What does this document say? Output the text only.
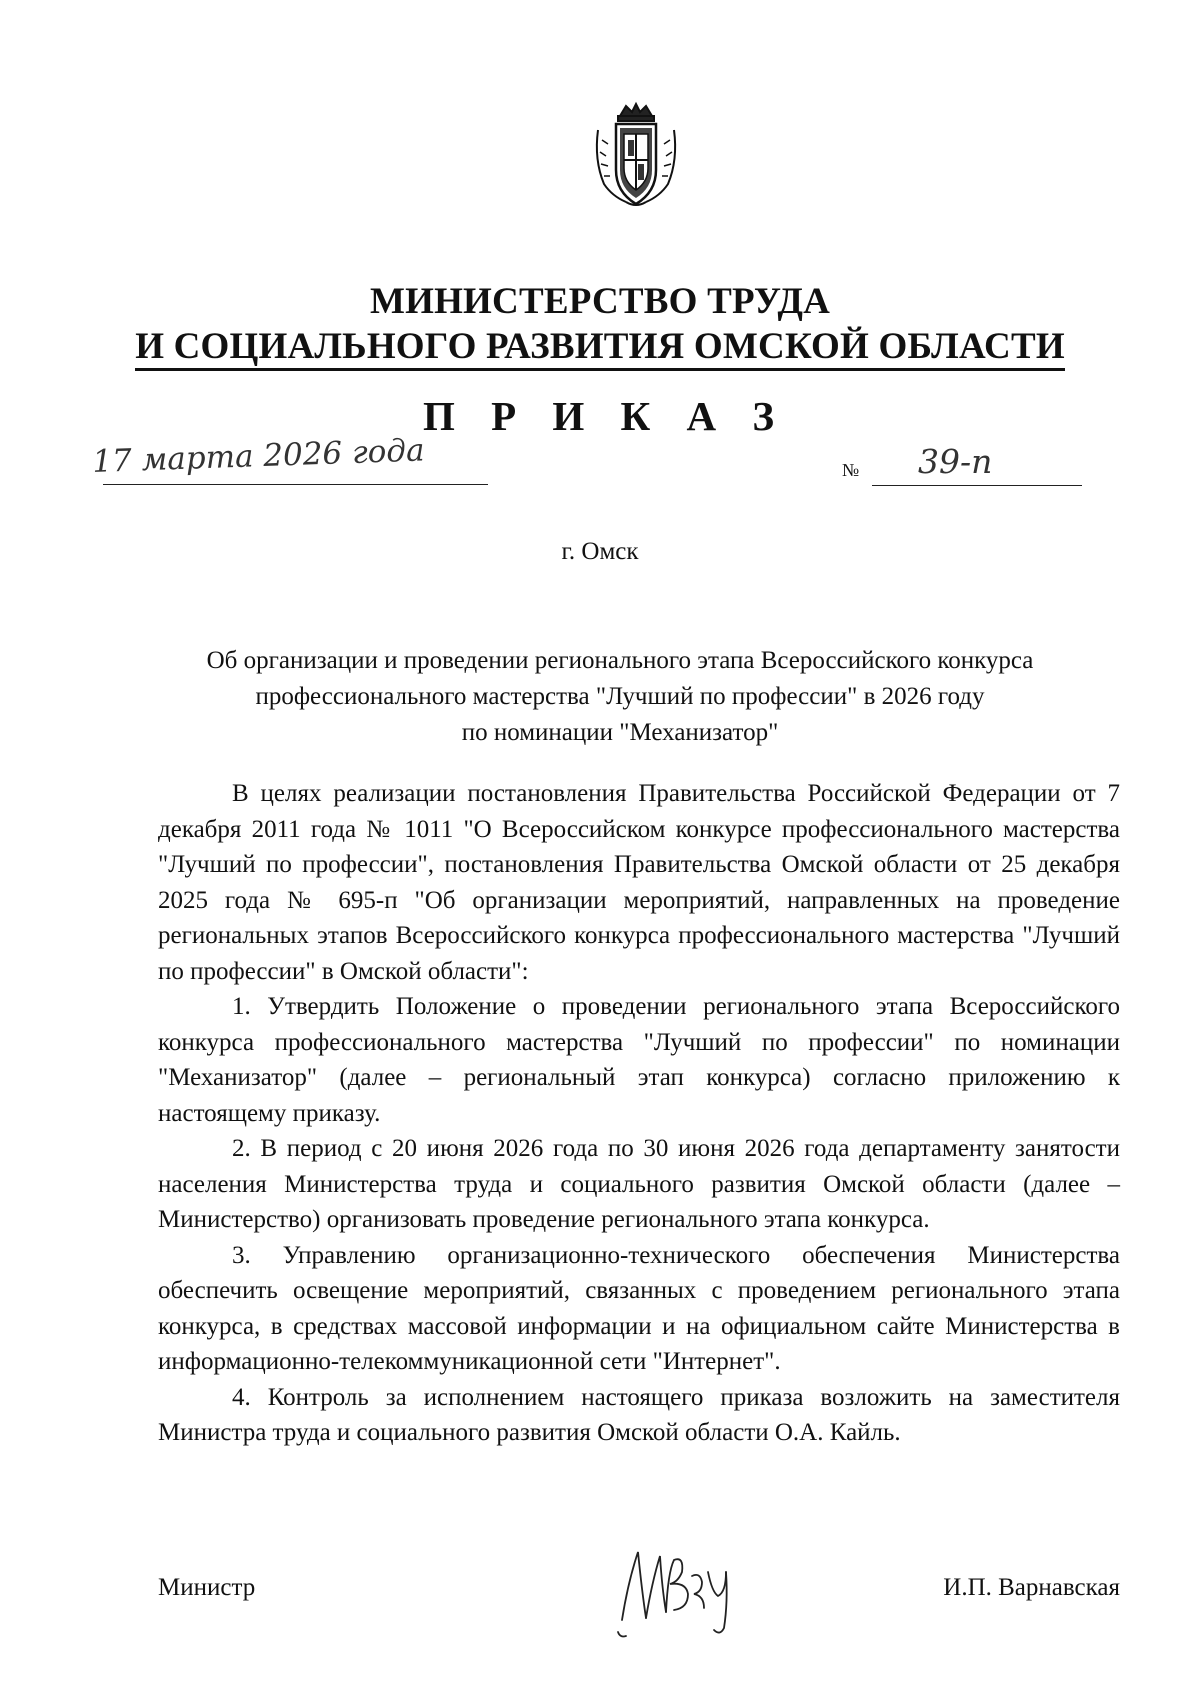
МИНИСТЕРСТВО ТРУДА
И СОЦИАЛЬНОГО РАЗВИТИЯ ОМСКОЙ ОБЛАСТИ
П Р И К А З
17 марта 2026 года	№ 39-п
г. Омск
Об организации и проведении регионального этапа Всероссийского конкурса
профессионального мастерства "Лучший по профессии" в 2026 году
по номинации "Механизатор"

В целях реализации постановления Правительства Российской Федерации от 7 декабря 2011 года № 1011 "О Всероссийском конкурсе профессионального мастерства "Лучший по профессии", постановления Правительства Омской области от 25 декабря 2025 года № 695-п "Об организации мероприятий, направленных на проведение региональных этапов Всероссийского конкурса профессионального мастерства "Лучший по профессии" в Омской области":

1. Утвердить Положение о проведении регионального этапа Всероссийского конкурса профессионального мастерства "Лучший по профессии" по номинации "Механизатор" (далее – региональный этап конкурса) согласно приложению к настоящему приказу.

2. В период с 20 июня 2026 года по 30 июня 2026 года департаменту занятости населения Министерства труда и социального развития Омской области (далее – Министерство) организовать проведение регионального этапа конкурса.

3. Управлению организационно-технического обеспечения Министерства обеспечить освещение мероприятий, связанных с проведением регионального этапа конкурса, в средствах массовой информации и на официальном сайте Министерства в информационно-телекоммуникационной сети "Интернет".

4. Контроль за исполнением настоящего приказа возложить на заместителя Министра труда и социального развития Омской области О.А. Кайль.

Министр	И.П. Варнавская
